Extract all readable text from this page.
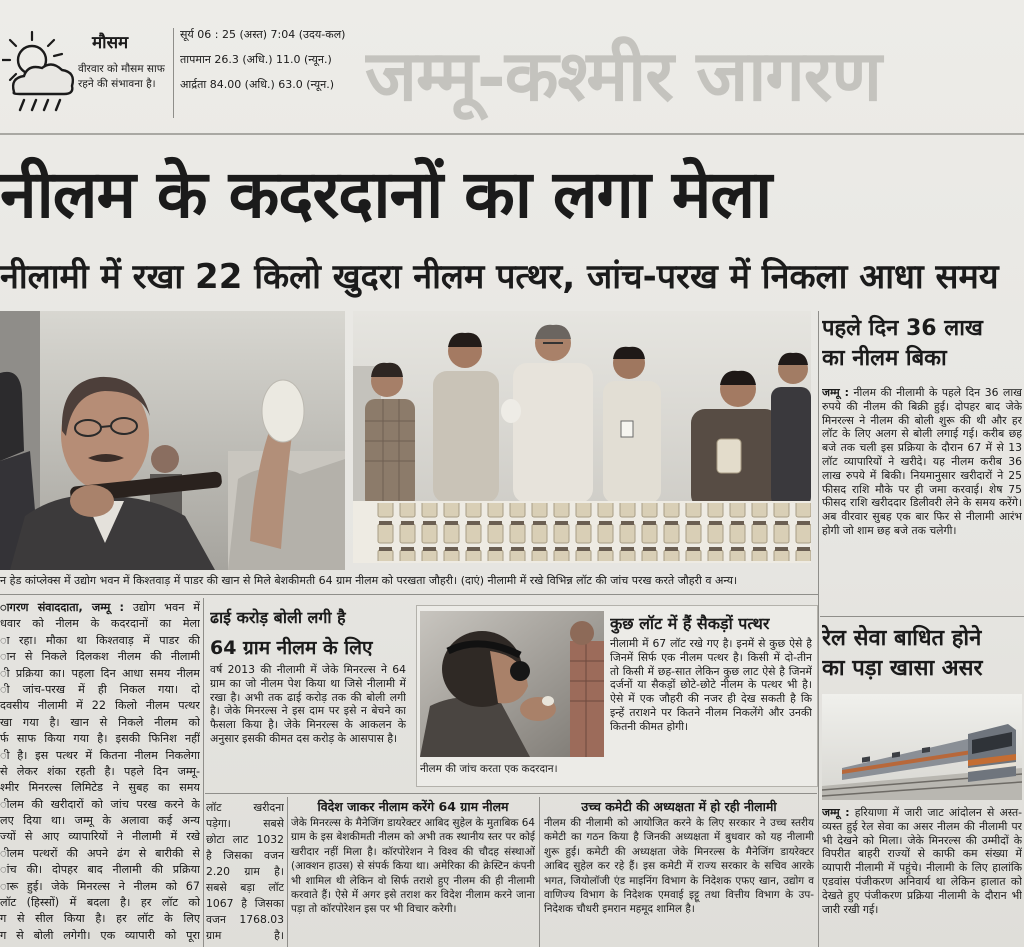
मौसम
वीरवार को मौसम साफ
रहने की संभावना है।
सूर्य 06 : 25 (अस्त) 7:04 (उदय-कल)
तापमान 26.3 (अधि.) 11.0 (न्यून.)
आर्द्रता 84.00 (अधि.) 63.0 (न्यून.) जम्मू-कश्मीर जागरण
नीलम के कदरदानों का लगा मेला
नीलामी में रखा 22 किलो खुदरा नीलम पत्थर, जांच-परख में निकला आधा समय
न हेड कांप्लेक्स में उद्योग भवन में किश्तवाड़ में पाडर की खान से मिले बेशकीमती 64 ग्राम नीलम को परखता जौहरी। (दाएं) नीलामी में रखे विभिन्न लॉट की जांच परख करते जौहरी व अन्य।
पहले दिन 36 लाख
का नीलम बिका
जम्मू : नीलम की नीलामी के पहले दिन 36 लाख रुपये की नीलम की बिक्री हुई। दोपहर बाद जेके मिनरल्स ने नीलम की बोली शुरू की थी और हर लॉट के लिए अलग से बोली लगाई गई। करीब छह बजे तक चली इस प्रक्रिया के दौरान 67 में से 13 लॉट व्यापारियों ने खरीदे। यह नीलम करीब 36 लाख रुपये में बिकी। नियमानुसार खरीदारों ने 25 फीसद राशि मौके पर ही जमा करवाई। शेष 75 फीसद राशि खरीददार डिलीवरी लेने के समय करेंगे। अब वीरवार सुबह एक बार फिर से नीलामी आरंभ होगी जो शाम छह बजे तक चलेगी।
रेल सेवा बाधित होने
का पड़ा खासा असर
जम्मू : हरियाणा में जारी जाट आंदोलन से अस्त-व्यस्त हुई रेल सेवा का असर नीलम की नीलामी पर भी देखने को मिला। जेके मिनरल्स की उम्मीदों के विपरीत बाहरी राज्यों से काफी कम संख्या में व्यापारी नीलामी में पहुंचे। नीलामी के लिए हालांकि एडवांस पंजीकरण अनिवार्य था लेकिन हालात को देखते हुए पंजीकरण प्रक्रिया नीलामी के दौरान भी जारी रखी गई।
ागरण संवाददाता, जम्मू : उद्योग भवन में
धवार को नीलम के कदरदानों का मेला
ा रहा। मौका था किश्तवाड़ में पाडर की
ान से निकले दिलकश नीलम की नीलामी
ी प्रक्रिया का। पहला दिन आधा समय नीलम
ी जांच-परख में ही निकल गया। दो
दवसीय नीलामी में 22 किलो नीलम पत्थर
खा गया है। खान से निकले नीलम को
र्फ साफ किया गया है। इसकी फिनिश नहीं
ी है। इस पत्थर में कितना नीलम निकलेगा
से लेकर शंका रहती है। पहले दिन जम्मू-
श्मीर मिनरल्स लिमिटेड ने सुबह का समय
ीलम की खरीदारों को जांच परख करने के
लए दिया था। जम्मू के अलावा कई अन्य
ज्यों से आए व्यापारियों ने नीलामी में रखे
ीलम पत्थरों की अपने ढंग से बारीकी से
ांच की। दोपहर बाद नीलामी की प्रक्रिया
ारू हुई। जेके मिनरल्स ने नीलम को 67
लॉट (हिस्सों) में बदला है। हर लॉट को
ग से सील किया है। हर लॉट के लिए
ग से बोली लगेगी। एक व्यापारी को पूरा
ढाई करोड़ बोली लगी है
64 ग्राम नीलम के लिए
वर्ष 2013 की नीलामी में जेके मिनरल्स ने 64 ग्राम का जो नीलम पेश किया था जिसे नीलामी में रखा है। अभी तक ढाई करोड़ तक की बोली लगी है। जेके मिनरल्स ने इस दाम पर इसे न बेचने का फैसला किया है। जेके मिनरल्स के आकलन के अनुसार इसकी कीमत दस करोड़ के आसपास है।
नीलम की जांच करता एक कदरदान।
कुछ लॉट में हैं सैकड़ों पत्थर
नीलामी में 67 लॉट रखे गए है। इनमें से कुछ ऐसे है जिनमें सिर्फ एक नीलम पत्थर है। किसी में दो-तीन तो किसी में छह-सात लेकिन कुछ लाट ऐसे है जिनमें दर्जनों या सैकड़ों छोटे-छोटे नीलम के पत्थर भी है। ऐसे में एक जौहरी की नजर ही देख सकती है कि इन्हें तराशने पर कितने नीलम निकलेंगे और उनकी कितनी कीमत होगी।
लॉट खरीदना
पड़ेगा। सबसे
छोटा लाट 1032
है जिसका वजन
2.20 ग्राम है।
सबसे बड़ा लॉट
1067 है जिसका
वजन 1768.03
ग्राम है।
विदेश जाकर नीलाम करेंगे 64 ग्राम नीलम
जेके मिनरल्स के मैनेजिंग डायरेक्टर आबिद सुहेल के मुताबिक 64 ग्राम के इस बेशकीमती नीलम को अभी तक स्थानीय स्तर पर कोई खरीदार नहीं मिला है। कॉरपोरेशन ने विश्व की चौदह संस्थाओं (आक्शन हाउस) से संपर्क किया था। अमेरिका की क्रेस्टिन कंपनी भी शामिल थी लेकिन वो सिर्फ तराशे हुए नीलम की ही नीलामी करवाते हैं। ऐसे में अगर इसे तराश कर विदेश नीलाम करने जाना पड़ा तो कॉरपोरेशन इस पर भी विचार करेगी।
उच्च कमेटी की अध्यक्षता में हो रही नीलामी
नीलम की नीलामी को आयोजित करने के लिए सरकार ने उच्च स्तरीय कमेटी का गठन किया है जिनकी अध्यक्षता में बुधवार को यह नीलामी शुरू हुई। कमेटी की अध्यक्षता जेके मिनरल्स के मैनेजिंग डायरेक्टर आबिद सुहेल कर रहे हैं। इस कमेटी में राज्य सरकार के सचिव आरके भगत, जियोलॉजी एंड माइनिंग विभाग के निदेशक एफए खान, उद्योग व वाणिज्य विभाग के निदेशक एमवाई इट्टू तथा वित्तीय विभाग के उप-निदेशक चौधरी इमरान महमूद शामिल है।
